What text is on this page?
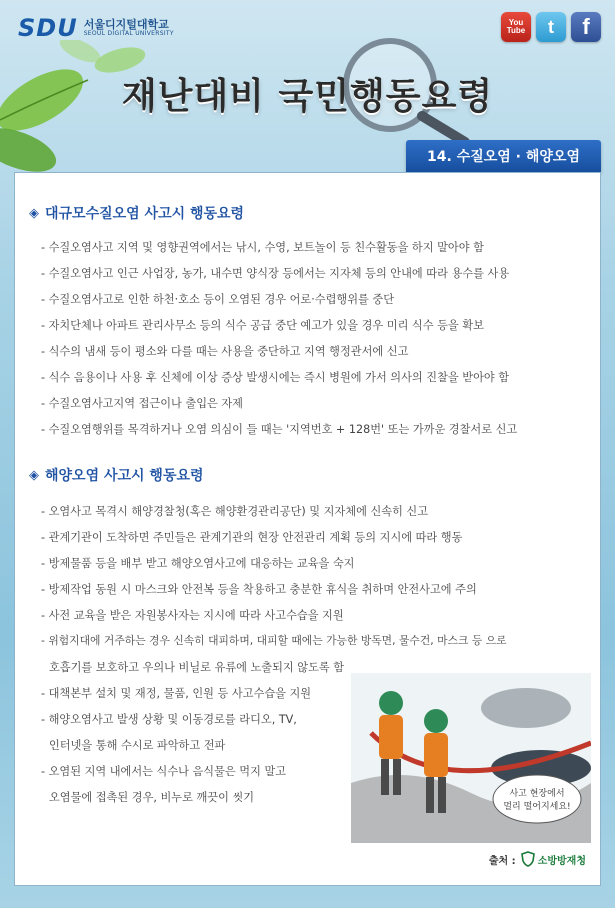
SDU 서울디지털대학교
SEOUL DIGITAL UNIVERSITY
You
Tube	t	f
재난대비 국민행동요령
14. 수질오염 · 해양오염
◈ 대규모수질오염 사고시 행동요령
- 수질오염사고 지역 및 영향권역에서는 낚시, 수영, 보트놀이 등 친수활동을 하지 말아야 함
- 수질오염사고 인근 사업장, 농가, 내수면 양식장 등에서는 지자체 등의 안내에 따라 용수를 사용
- 수질오염사고로 인한 하천·호소 등이 오염된 경우 어로·수렵행위를 중단
- 자치단체나 아파트 관리사무소 등의 식수 공급 중단 예고가 있을 경우 미리 식수 등을 확보
- 식수의 냄새 등이 평소와 다를 때는 사용을 중단하고 지역 행정관서에 신고
- 식수 음용이나 사용 후 신체에 이상 증상 발생시에는 즉시 병원에 가서 의사의 진찰을 받아야 함
- 수질오염사고지역 접근이나 출입은 자제
- 수질오염행위를 목격하거나 오염 의심이 들 때는 '지역번호 + 128번' 또는 가까운 경찰서로 신고
◈ 해양오염 사고시 행동요령
- 오염사고 목격시 해양경찰청(혹은 해양환경관리공단) 및 지자체에 신속히 신고
- 관계기관이 도착하면 주민들은 관계기관의 현장 안전관리 계획 등의 지시에 따라 행동
- 방제물품 등을 배부 받고 해양오염사고에 대응하는 교육을 숙지
- 방제작업 동원 시 마스크와 안전복 등을 착용하고 충분한 휴식을 취하며 안전사고에 주의
- 사전 교육을 받은 자원봉사자는 지시에 따라 사고수습을 지원
- 위험지대에 거주하는 경우 신속히 대피하며, 대피할 때에는 가능한 방독면, 물수건, 마스크 등 으로
호흡기를 보호하고 우의나 비닐로 유류에 노출되지 않도록 함
- 대책본부 설치 및 재정, 물품, 인원 등 사고수습을 지원
- 해양오염사고 발생 상황 및 이동경로를 라디오, TV,
인터넷을 통해 수시로 파악하고 전파
- 오염된 지역 내에서는 식수나 음식물은 먹지 말고
오염물에 접촉된 경우, 비누로 깨끗이 씻기	사고 현장에서
멀리 떨어지세요!
출처 : 소방방재청
